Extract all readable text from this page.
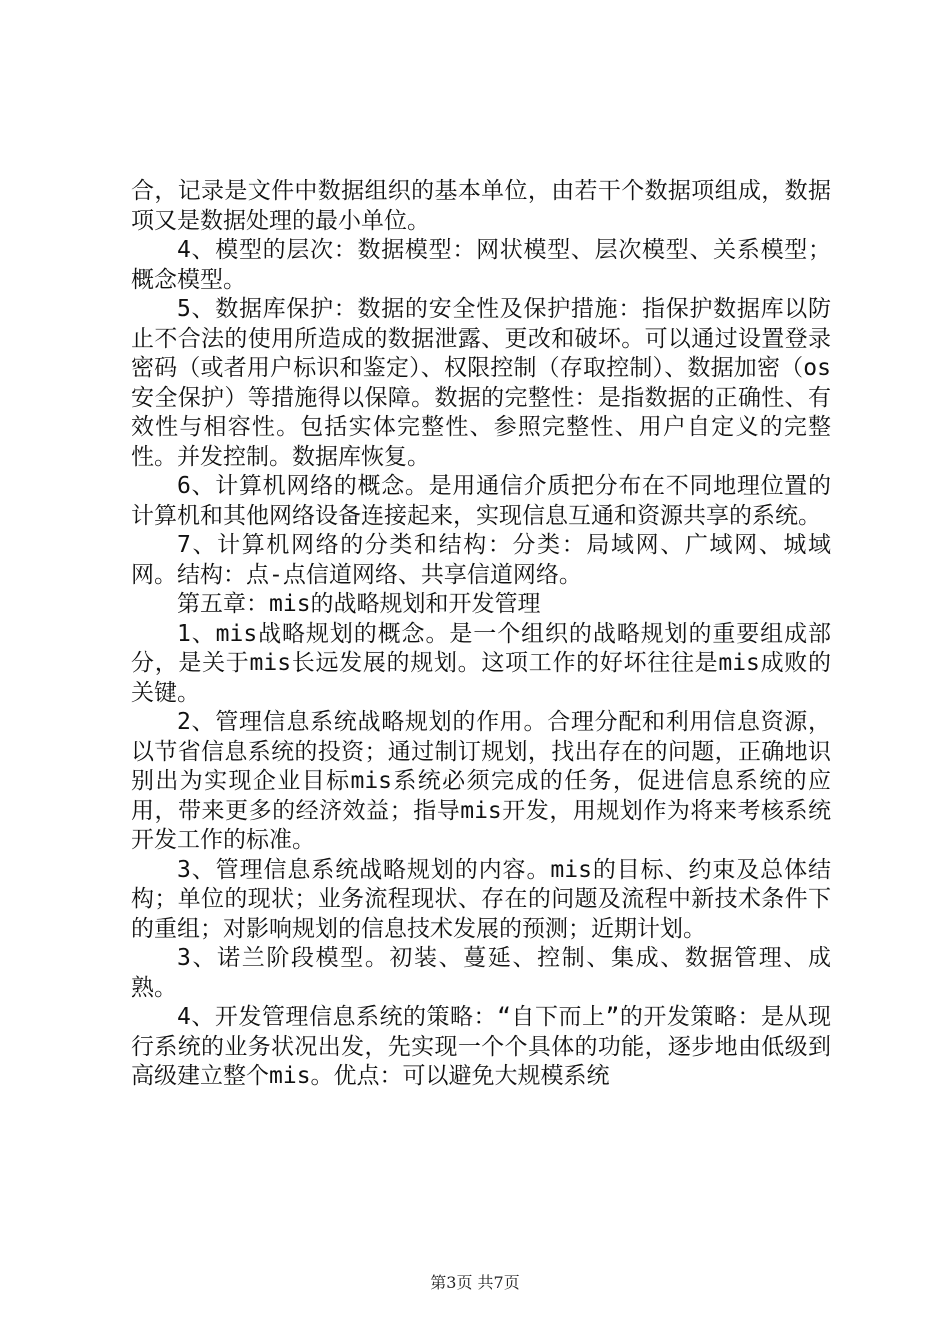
合，记录是文件中数据组织的基本单位，由若干个数据项组成，数据项又是数据处理的最小单位。

4、模型的层次：数据模型：网状模型、层次模型、关系模型；概念模型。

5、数据库保护：数据的安全性及保护措施：指保护数据库以防止不合法的使用所造成的数据泄露、更改和破坏。可以通过设置登录密码（或者用户标识和鉴定）、权限控制（存取控制）、数据加密（os安全保护）等措施得以保障。数据的完整性：是指数据的正确性、有效性与相容性。包括实体完整性、参照完整性、用户自定义的完整性。并发控制。数据库恢复。

6、计算机网络的概念。是用通信介质把分布在不同地理位置的计算机和其他网络设备连接起来，实现信息互通和资源共享的系统。

7、计算机网络的分类和结构：分类：局域网、广域网、城域网。结构：点-点信道网络、共享信道网络。

第五章：mis的战略规划和开发管理

1、mis战略规划的概念。是一个组织的战略规划的重要组成部分，是关于mis长远发展的规划。这项工作的好坏往往是mis成败的关键。

2、管理信息系统战略规划的作用。合理分配和利用信息资源，以节省信息系统的投资；通过制订规划，找出存在的问题，正确地识别出为实现企业目标mis系统必须完成的任务，促进信息系统的应用，带来更多的经济效益；指导mis开发，用规划作为将来考核系统开发工作的标准。

3、管理信息系统战略规划的内容。mis的目标、约束及总体结构；单位的现状；业务流程现状、存在的问题及流程中新技术条件下的重组；对影响规划的信息技术发展的预测；近期计划。

3、诺兰阶段模型。初装、蔓延、控制、集成、数据管理、成熟。

4、开发管理信息系统的策略：“自下而上”的开发策略：是从现行系统的业务状况出发，先实现一个个具体的功能，逐步地由低级到高级建立整个mis。优点：可以避免大规模系统

第3页 共7页
